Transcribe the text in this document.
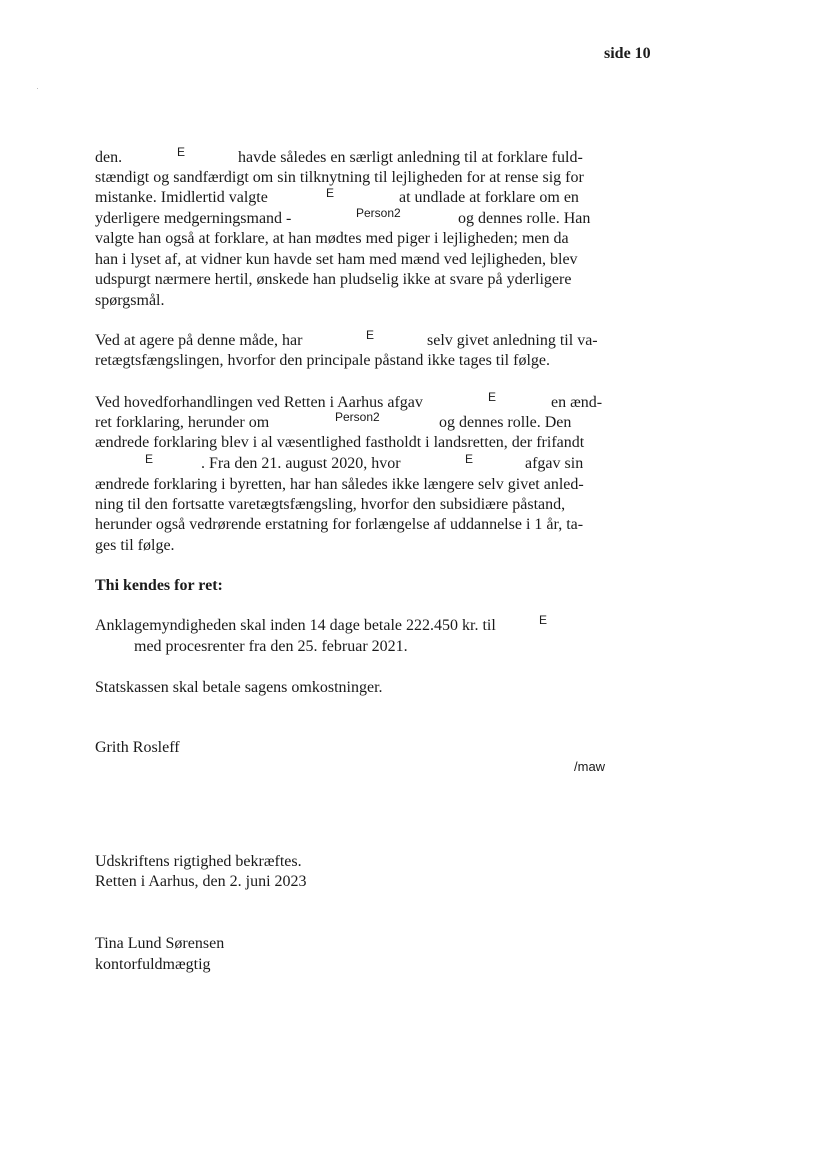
side 10
den.	E	havde således en særligt anledning til at forklare fuld-
stændigt og sandfærdigt om sin tilknytning til lejligheden for at rense sig for
mistanke. Imidlertid valgte	E	at undlade at forklare om en
yderligere medgerningsmand -	Person2	og dennes rolle. Han
valgte han også at forklare, at han mødtes med piger i lejligheden; men da
han i lyset af, at vidner kun havde set ham med mænd ved lejligheden, blev
udspurgt nærmere hertil, ønskede han pludselig ikke at svare på yderligere
spørgsmål.
Ved at agere på denne måde, har	E	selv givet anledning til va-
retægtsfængslingen, hvorfor den principale påstand ikke tages til følge.
Ved hovedforhandlingen ved Retten i Aarhus afgav	E	en ænd-
ret forklaring, herunder om	Person2	og dennes rolle. Den
ændrede forklaring blev i al væsentlighed fastholdt i landsretten, der frifandt
E	. Fra den 21. august 2020, hvor	E	afgav sin
ændrede forklaring i byretten, har han således ikke længere selv givet anled-
ning til den fortsatte varetægtsfængsling, hvorfor den subsidiære påstand,
herunder også vedrørende erstatning for forlængelse af uddannelse i 1 år, ta-
ges til følge.
Thi kendes for ret:
Anklagemyndigheden skal inden 14 dage betale 222.450 kr. til	E
med procesrenter fra den 25. februar 2021.
Statskassen skal betale sagens omkostninger.
Grith Rosleff
/maw
Udskriftens rigtighed bekræftes.
Retten i Aarhus, den 2. juni 2023
Tina Lund Sørensen
kontorfuldmægtig
